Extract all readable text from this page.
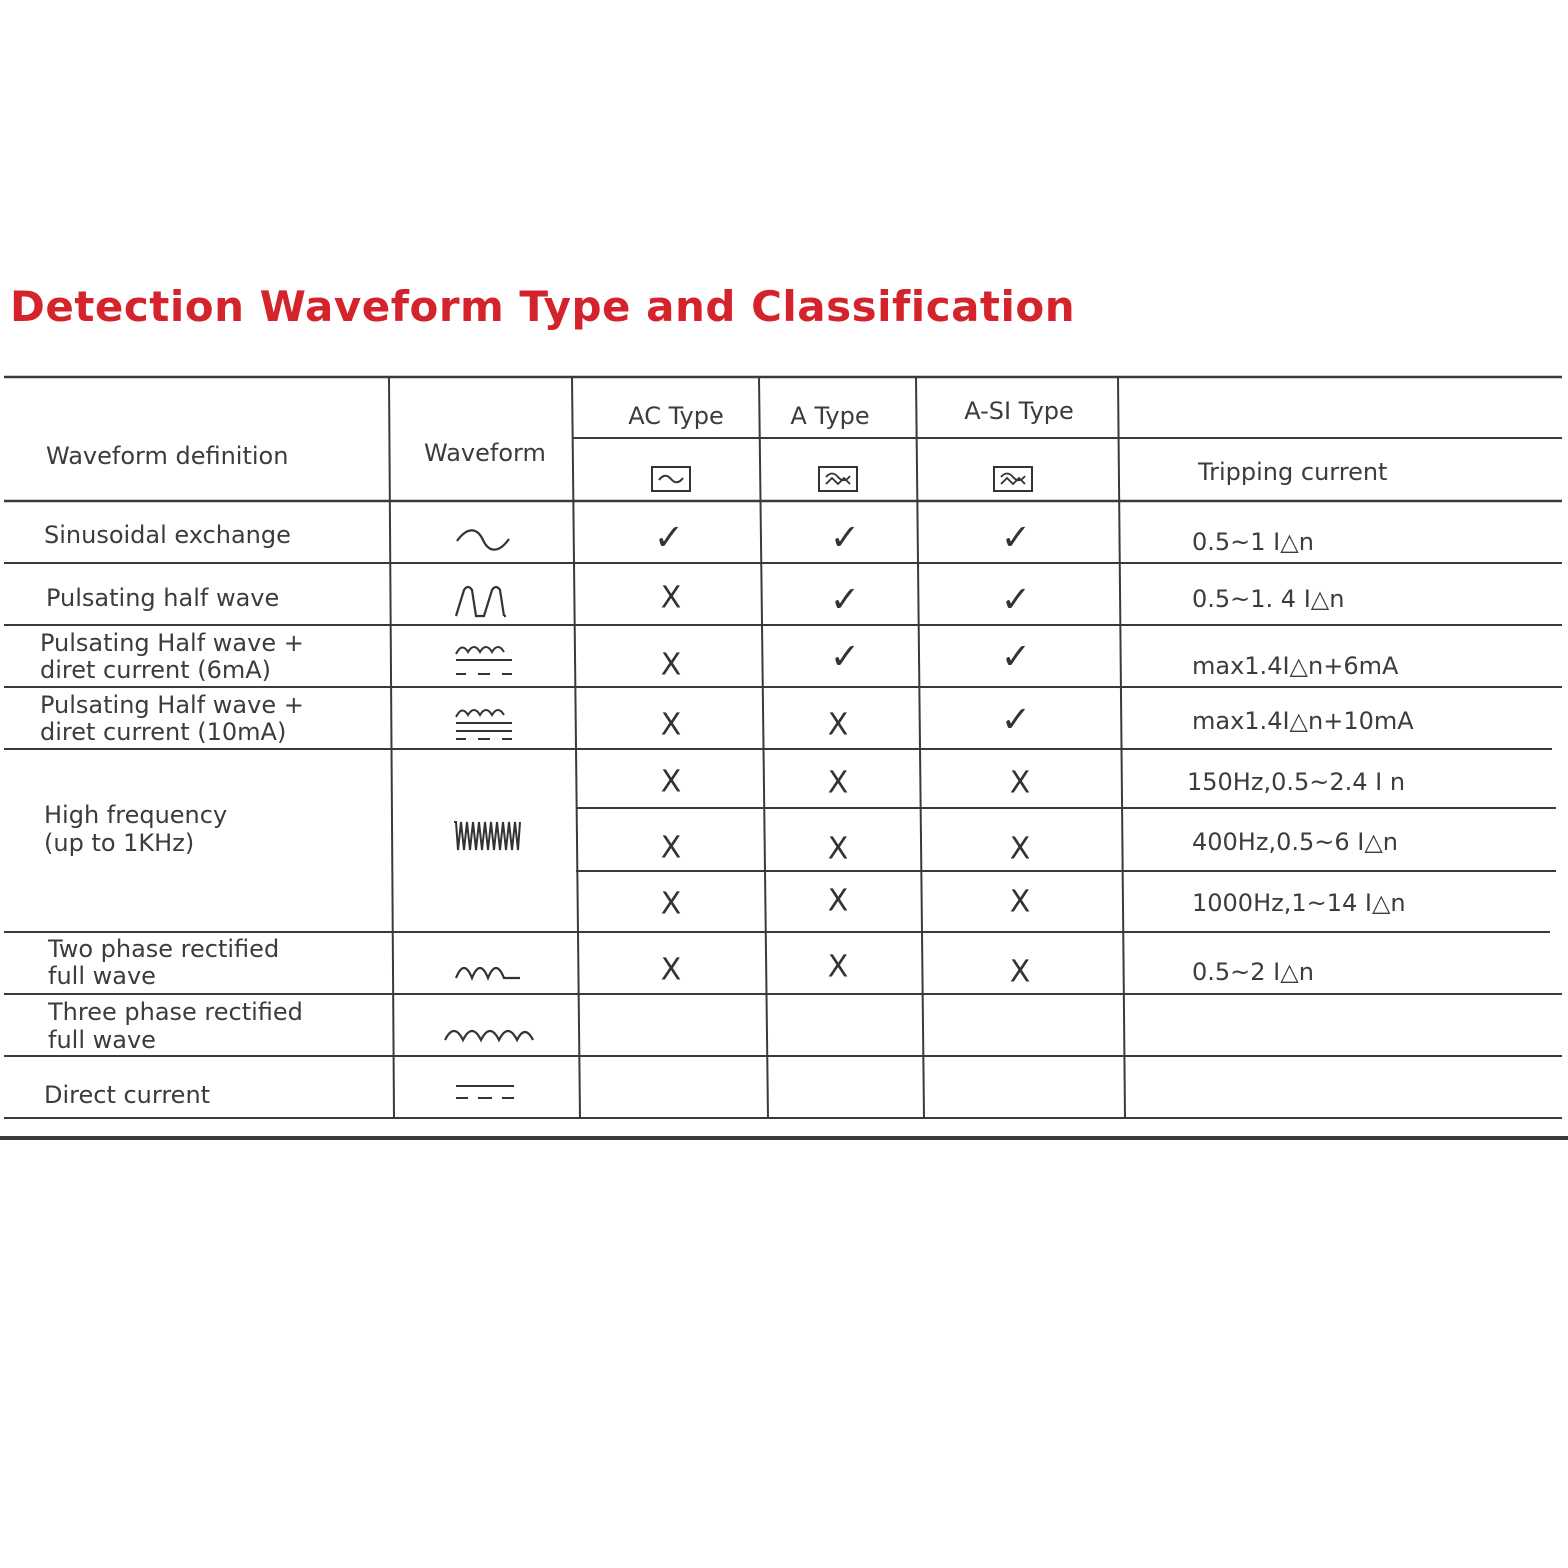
Detection Waveform Type and Classification
Waveform definition	Waveform
AC Type	A Type	A-SI Type
Tripping current
Sinusoidal exchange	✓	✓	✓	0.5~1 I△n
Pulsating half wave	X	✓	✓	0.5~1. 4 I△n
Pulsating Half wave +
diret current (6mA)	X	✓	✓	max1.4I△n+6mA
Pulsating Half wave +
diret current (10mA)	X	X	✓	max1.4I△n+10mA
High frequency
(up to 1KHz)
X	X	X	150Hz,0.5~2.4 I n
X	X	X	400Hz,0.5~6 I△n
X	X	X	1000Hz,1~14 I△n
Two phase rectified
full wave	X	X	X	0.5~2 I△n
Three phase rectified
full wave
Direct current
